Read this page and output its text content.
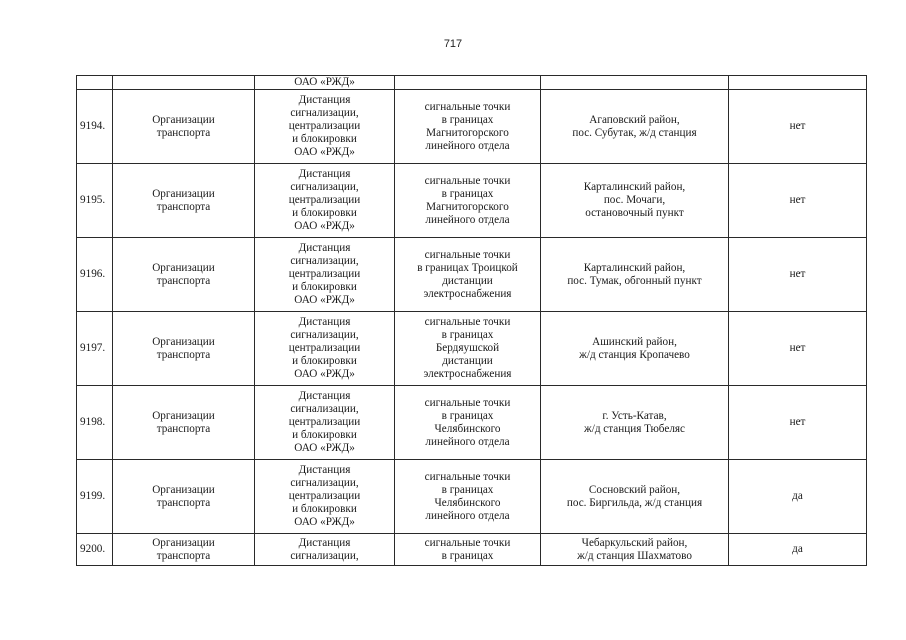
717

		ОАО «РЖД»			

9194.	Организации
транспорта	Дистанция
сигнализации,
централизации
и блокировки
ОАО «РЖД»	сигнальные точки
в границах
Магнитогорского
линейного отдела	Агаповский район,
пос. Субутак, ж/д станция	нет

9195.	Организации
транспорта	Дистанция
сигнализации,
централизации
и блокировки
ОАО «РЖД»	сигнальные точки
в границах
Магнитогорского
линейного отдела	Карталинский район,
пос. Мочаги,
остановочный пункт	нет

9196.	Организации
транспорта	Дистанция
сигнализации,
централизации
и блокировки
ОАО «РЖД»	сигнальные точки
в границах Троицкой
дистанции
электроснабжения	Карталинский район,
пос. Тумак, обгонный пункт	нет

9197.	Организации
транспорта	Дистанция
сигнализации,
централизации
и блокировки
ОАО «РЖД»	сигнальные точки
в границах
Бердяушской
дистанции
электроснабжения	Ашинский район,
ж/д станция Кропачево	нет

9198.	Организации
транспорта	Дистанция
сигнализации,
централизации
и блокировки
ОАО «РЖД»	сигнальные точки
в границах
Челябинского
линейного отдела	г. Усть-Катав,
ж/д станция Тюбеляс	нет

9199.	Организации
транспорта	Дистанция
сигнализации,
централизации
и блокировки
ОАО «РЖД»	сигнальные точки
в границах
Челябинского
линейного отдела	Сосновский район,
пос. Биргильда, ж/д станция	да

9200.	Организации
транспорта	Дистанция
сигнализации,	сигнальные точки
в границах	Чебаркульский район,
ж/д станция Шахматово	да
